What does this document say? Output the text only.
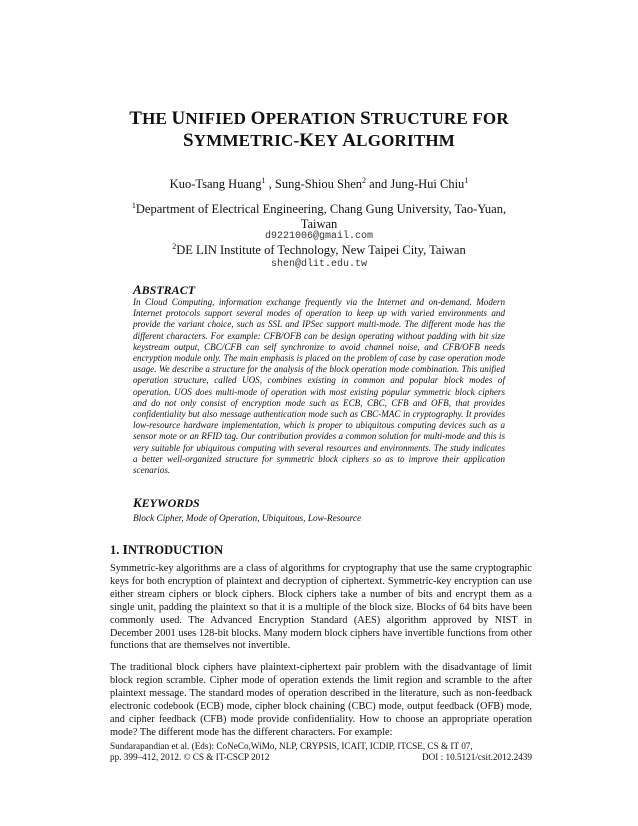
THE UNIFIED OPERATION STRUCTURE FOR
SYMMETRIC-KEY ALGORITHM
Kuo-Tsang Huang$^1$ , Sung-Shiou Shen$^2$ and Jung-Hui Chiu$^1$
$^1$Department of Electrical Engineering, Chang Gung University, Tao-Yuan,
Taiwan
d9221006@gmail.com
$^2$DE LIN Institute of Technology, New Taipei City, Taiwan
shen@dlit.edu.tw
ABSTRACT
In Cloud Computing, information exchange frequently via the Internet and on-demand. Modern Internet protocols support several modes of operation to keep up with varied environments and provide the variant choice, such as SSL and IPSec support multi-mode. The different mode has the different characters. For example: CFB/OFB can be design operating without padding with bit size keystream output, CBC/CFB can self synchronize to avoid channel noise, and CFB/OFB needs encryption module only. The main emphasis is placed on the problem of case by case operation mode usage. We describe a structure for the analysis of the block operation mode combination. This unified operation structure, called UOS, combines existing in common and popular block modes of operation. UOS does multi-mode of operation with most existing popular symmetric block ciphers and do not only consist of encryption mode such as ECB, CBC, CFB and OFB, that provides confidentiality but also message authentication mode such as CBC-MAC in cryptography. It provides low-resource hardware implementation, which is proper to ubiquitous computing devices such as a sensor mote or an RFID tag. Our contribution provides a common solution for multi-mode and this is very suitable for ubiquitous computing with several resources and environments. The study indicates a better well-organized structure for symmetric block ciphers so as to improve their application scenarios.
KEYWORDS
Block Cipher, Mode of Operation, Ubiquitous, Low-Resource
1. INTRODUCTION
Symmetric-key algorithms are a class of algorithms for cryptography that use the same cryptographic keys for both encryption of plaintext and decryption of ciphertext. Symmetric-key encryption can use either stream ciphers or block ciphers. Block ciphers take a number of bits and encrypt them as a single unit, padding the plaintext so that it is a multiple of the block size. Blocks of 64 bits have been commonly used. The Advanced Encryption Standard (AES) algorithm approved by NIST in December 2001 uses 128-bit blocks. Many modern block ciphers have invertible functions from other functions that are themselves not invertible.
The traditional block ciphers have plaintext-ciphertext pair problem with the disadvantage of limit block region scramble. Cipher mode of operation extends the limit region and scramble to the after plaintext message. The standard modes of operation described in the literature, such as non-feedback electronic codebook (ECB) mode, cipher block chaining (CBC) mode, output feedback (OFB) mode, and cipher feedback (CFB) mode provide confidentiality. How to choose an appropriate operation mode? The different mode has the different characters. For example:
Sundarapandian et al. (Eds): CoNeCo,WiMo, NLP, CRYPSIS, ICAIT, ICDIP, ITCSE, CS & IT 07,
pp. 399–412, 2012. © CS & IT-CSCP 2012	DOI : 10.5121/csit.2012.2439
